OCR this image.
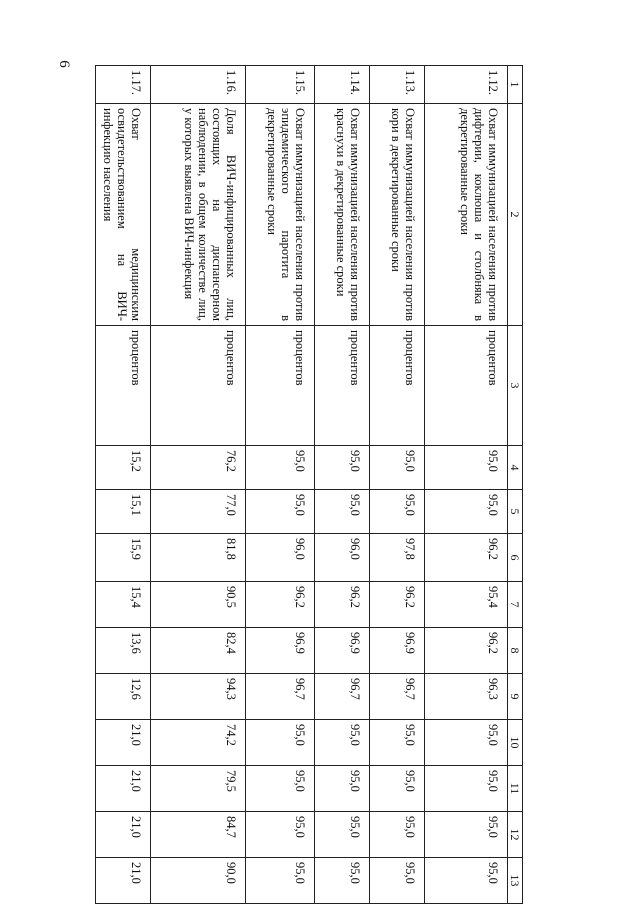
6
1	2	3	4	5	6	7	8	9	10	11	12	13
1.12.	Охват иммунизацией населения против дифтерии, коклюша и столбняка в декретированные сроки	процентов	95,0	95,0	96,2	95,4	96,2	96,3	95,0	95,0	95,0	95,0
1.13.	Охват иммунизацией населения против кори в декретированные сроки	процентов	95,0	95,0	97,8	96,2	96,9	96,7	95,0	95,0	95,0	95,0
1.14.	Охват иммунизацией населения против краснухи в декретированные сроки	процентов	95,0	95,0	96,0	96,2	96,9	96,7	95,0	95,0	95,0	95,0
1.15.	Охват иммунизацией населения против эпидемического паротита в декретированные сроки	процентов	95,0	95,0	96,0	96,2	96,9	96,7	95,0	95,0	95,0	95,0
1.16.	Доля ВИЧ-инфицированных лиц, состоящих на диспансерном наблюдении, в общем количестве лиц, у которых выявлена ВИЧ-инфекция	процентов	76,2	77,0	81,8	90,5	82,4	94,3	74,2	79,5	84,7	90,0
1.17.	Охват медицинским освидетельствованием на ВИЧ-инфекцию населения	процентов	15,2	15,1	15,9	15,4	13,6	12,6	21,0	21,0	21,0	21,0
